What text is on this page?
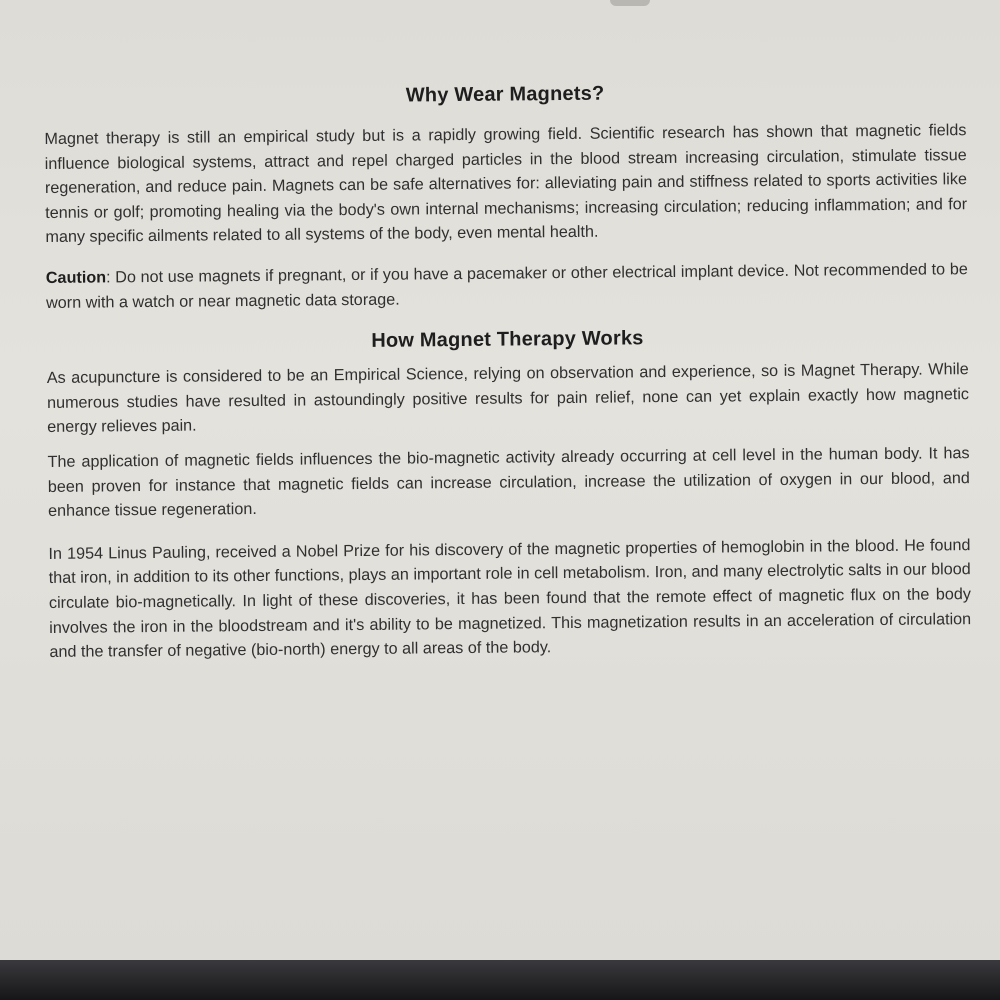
Why Wear Magnets?

Magnet therapy is still an empirical study but is a rapidly growing field. Scientific research has shown that magnetic fields influence biological systems, attract and repel charged particles in the blood stream increasing circulation, stimulate tissue regeneration, and reduce pain. Magnets can be safe alternatives for: alleviating pain and stiffness related to sports activities like tennis or golf; promoting healing via the body's own internal mechanisms; increasing circulation; reducing inflammation; and for many specific ailments related to all systems of the body, even mental health.

Caution: Do not use magnets if pregnant, or if you have a pacemaker or other electrical implant device. Not recommended to be worn with a watch or near magnetic data storage.

How Magnet Therapy Works

As acupuncture is considered to be an Empirical Science, relying on observation and experience, so is Magnet Therapy. While numerous studies have resulted in astoundingly positive results for pain relief, none can yet explain exactly how magnetic energy relieves pain.

The application of magnetic fields influences the bio-magnetic activity already occurring at cell level in the human body. It has been proven for instance that magnetic fields can increase circulation, increase the utilization of oxygen in our blood, and enhance tissue regeneration.

In 1954 Linus Pauling, received a Nobel Prize for his discovery of the magnetic properties of hemoglobin in the blood. He found that iron, in addition to its other functions, plays an important role in cell metabolism. Iron, and many electrolytic salts in our blood circulate bio-magnetically. In light of these discoveries, it has been found that the remote effect of magnetic flux on the body involves the iron in the bloodstream and it's ability to be magnetized. This magnetization results in an acceleration of circulation and the transfer of negative (bio-north) energy to all areas of the body.
